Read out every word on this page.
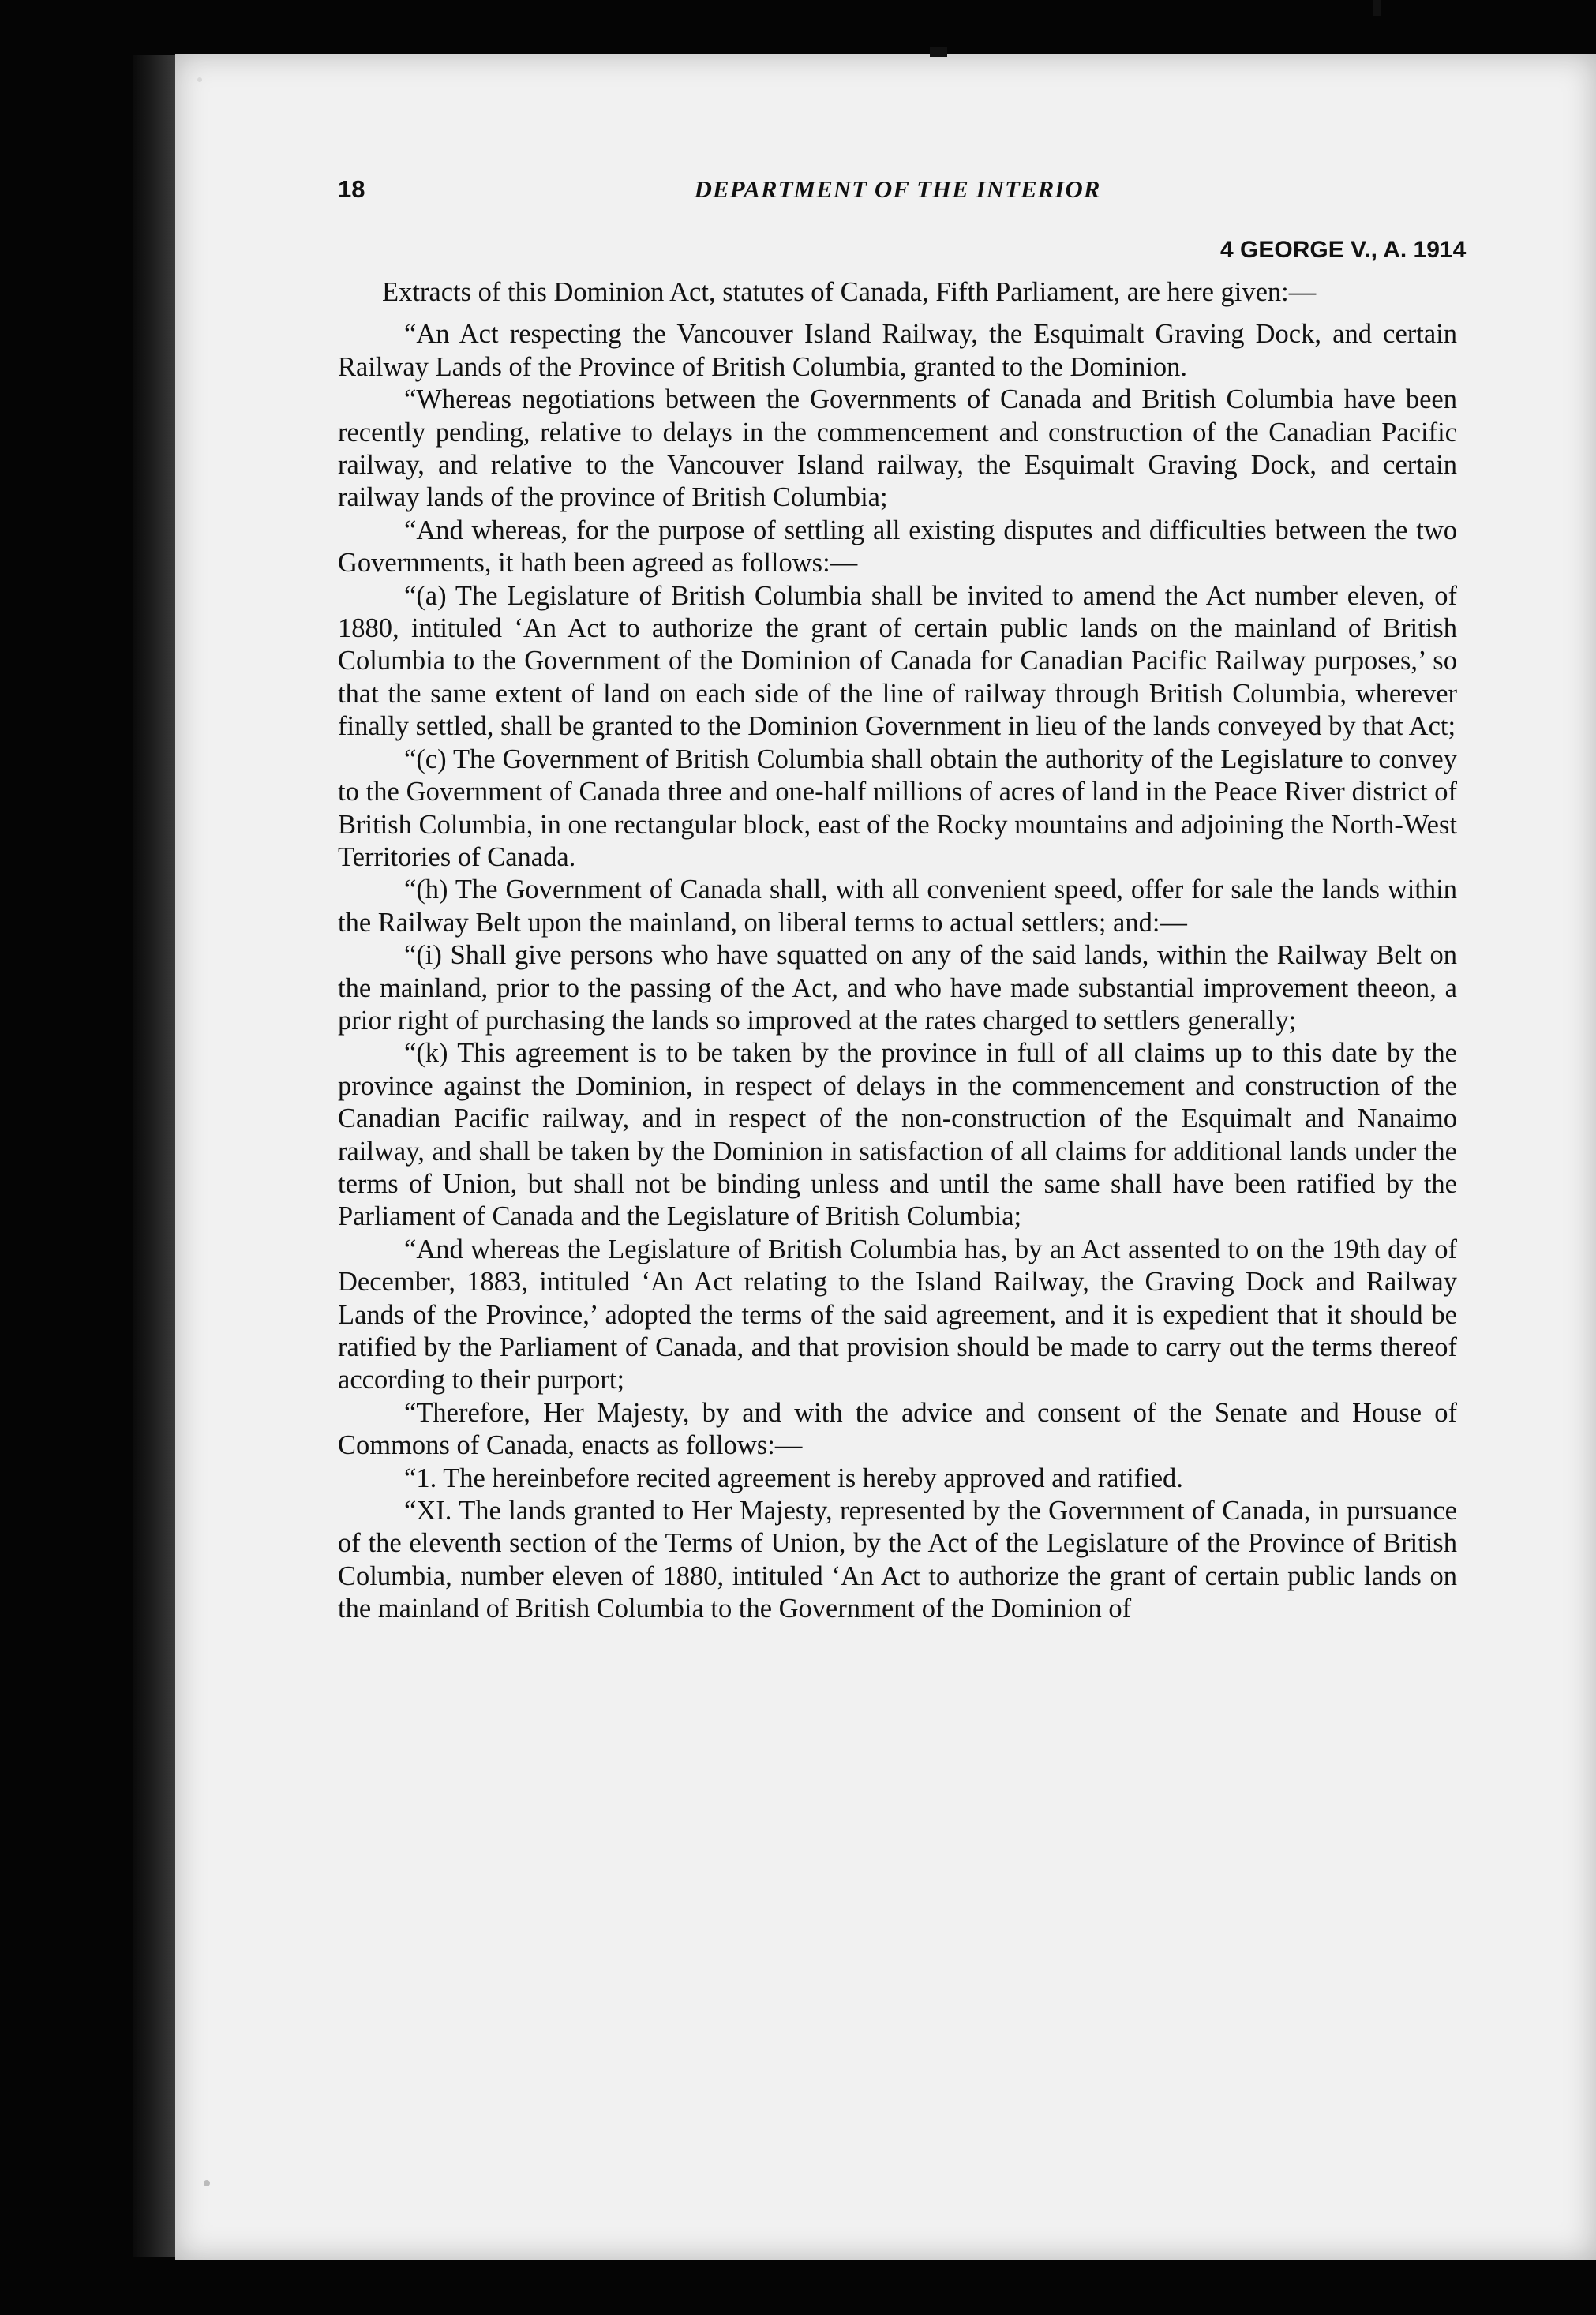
18	DEPARTMENT OF THE INTERIOR
4 GEORGE V., A. 1914

Extracts of this Dominion Act, statutes of Canada, Fifth Parliament, are here given:—

“An Act respecting the Vancouver Island Railway, the Esquimalt Graving Dock, and certain Railway Lands of the Province of British Columbia, granted to the Dominion.

“Whereas negotiations between the Governments of Canada and British Columbia have been recently pending, relative to delays in the commencement and construction of the Canadian Pacific railway, and relative to the Vancouver Island railway, the Esquimalt Graving Dock, and certain railway lands of the province of British Columbia;

“And whereas, for the purpose of settling all existing disputes and difficulties between the two Governments, it hath been agreed as follows:—

“(a) The Legislature of British Columbia shall be invited to amend the Act number eleven, of 1880, intituled ‘An Act to authorize the grant of certain public lands on the mainland of British Columbia to the Government of the Dominion of Canada for Canadian Pacific Railway purposes,’ so that the same extent of land on each side of the line of railway through British Columbia, wherever finally settled, shall be granted to the Dominion Government in lieu of the lands conveyed by that Act;

“(c) The Government of British Columbia shall obtain the authority of the Legislature to convey to the Government of Canada three and one-half millions of acres of land in the Peace River district of British Columbia, in one rectangular block, east of the Rocky mountains and adjoining the North-West Territories of Canada.

“(h) The Government of Canada shall, with all convenient speed, offer for sale the lands within the Railway Belt upon the mainland, on liberal terms to actual settlers; and:—

“(i) Shall give persons who have squatted on any of the said lands, within the Railway Belt on the mainland, prior to the passing of the Act, and who have made substantial improvement theeon, a prior right of purchasing the lands so improved at the rates charged to settlers generally;

“(k) This agreement is to be taken by the province in full of all claims up to this date by the province against the Dominion, in respect of delays in the commencement and construction of the Canadian Pacific railway, and in respect of the non-construction of the Esquimalt and Nanaimo railway, and shall be taken by the Dominion in satisfaction of all claims for additional lands under the terms of Union, but shall not be binding unless and until the same shall have been ratified by the Parliament of Canada and the Legislature of British Columbia;

“And whereas the Legislature of British Columbia has, by an Act assented to on the 19th day of December, 1883, intituled ‘An Act relating to the Island Railway, the Graving Dock and Railway Lands of the Province,’ adopted the terms of the said agreement, and it is expedient that it should be ratified by the Parliament of Canada, and that provision should be made to carry out the terms thereof according to their purport;

“Therefore, Her Majesty, by and with the advice and consent of the Senate and House of Commons of Canada, enacts as follows:—

“1. The hereinbefore recited agreement is hereby approved and ratified.

“XI. The lands granted to Her Majesty, represented by the Government of Canada, in pursuance of the eleventh section of the Terms of Union, by the Act of the Legislature of the Province of British Columbia, number eleven of 1880, intituled ‘An Act to authorize the grant of certain public lands on the mainland of British Columbia to the Government of the Dominion of
